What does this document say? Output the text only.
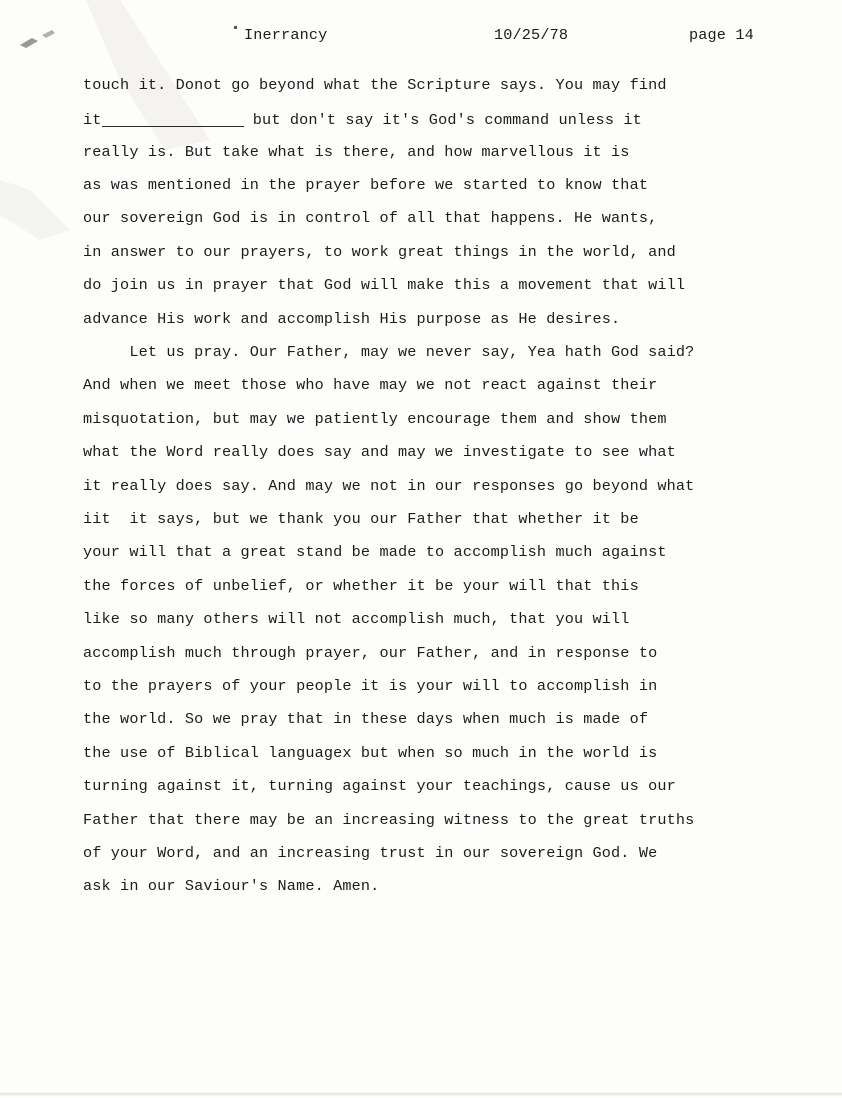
Inerrancy	10/25/78	page 14
touch it. Donot go beyond what the Scripture says. You may find
it	but don't say it's God's command unless it
really is. But take what is there, and how marvellous it is
as was mentioned in the prayer before we started to know that
our sovereign God is in control of all that happens. He wants,
in answer to our prayers, to work great things in the world, and
do join us in prayer that God will make this a movement that will
advance His work and accomplish His purpose as He desires.
Let us pray. Our Father, may we never say, Yea hath God said?
And when we meet those who have may we not react against their
misquotation, but may we patiently encourage them and show them
what the Word really does say and may we investigate to see what
it really does say. And may we not in our responses go beyond what
iit  it says, but we thank you our Father that whether it be
your will that a great stand be made to accomplish much against
the forces of unbelief, or whether it be your will that this
like so many others will not accomplish much, that you will
accomplish much through prayer, our Father, and in response to
to the prayers of your people it is your will to accomplish in
the world. So we pray that in these days when much is made of
the use of Biblical languagex but when so much in the world is
turning against it, turning against your teachings, cause us our
Father that there may be an increasing witness to the great truths
of your Word, and an increasing trust in our sovereign God. We
ask in our Saviour's Name. Amen.
